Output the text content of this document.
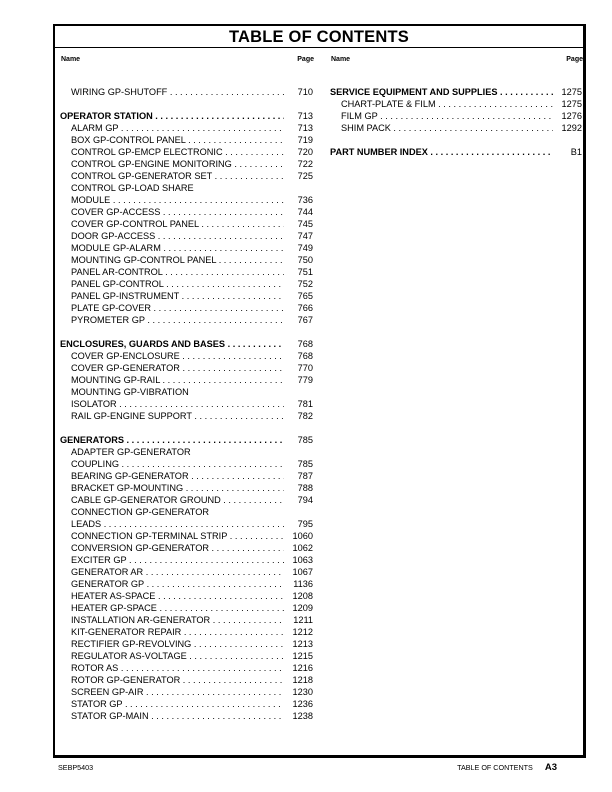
TABLE OF CONTENTS
Name	Page
WIRING GP-SHUTOFF . . .	710
OPERATOR STATION . . .	713
ALARM GP . . .	713
BOX GP-CONTROL PANEL . . .	719
CONTROL GP-EMCP ELECTRONIC . . .	720
CONTROL GP-ENGINE MONITORING . . .	722
CONTROL GP-GENERATOR SET . . .	725
CONTROL GP-LOAD SHARE
MODULE . . .	736
COVER GP-ACCESS . . .	744
COVER GP-CONTROL PANEL . . .	745
DOOR GP-ACCESS . . .	747
MODULE GP-ALARM . . .	749
MOUNTING GP-CONTROL PANEL . . .	750
PANEL AR-CONTROL . . .	751
PANEL GP-CONTROL . . .	752
PANEL GP-INSTRUMENT . . .	765
PLATE GP-COVER . . .	766
PYROMETER GP . . .	767
ENCLOSURES, GUARDS AND BASES . . .	768
COVER GP-ENCLOSURE . . .	768
COVER GP-GENERATOR . . .	770
MOUNTING GP-RAIL . . .	779
MOUNTING GP-VIBRATION
ISOLATOR . . .	781
RAIL GP-ENGINE SUPPORT . . .	782
GENERATORS . . .	785
ADAPTER GP-GENERATOR
COUPLING . . .	785
BEARING GP-GENERATOR . . .	787
BRACKET GP-MOUNTING . . .	788
CABLE GP-GENERATOR GROUND . . .	794
CONNECTION GP-GENERATOR
LEADS . . .	795
CONNECTION GP-TERMINAL STRIP . . .	1060
CONVERSION GP-GENERATOR . . .	1062
EXCITER GP . . .	1063
GENERATOR AR . . .	1067
GENERATOR GP . . .	1136
HEATER AS-SPACE . . .	1208
HEATER GP-SPACE . . .	1209
INSTALLATION AR-GENERATOR . . .	1211
KIT-GENERATOR REPAIR . . .	1212
RECTIFIER GP-REVOLVING . . .	1213
REGULATOR AS-VOLTAGE . . .	1215
ROTOR AS . . .	1216
ROTOR GP-GENERATOR . . .	1218
SCREEN GP-AIR . . .	1230
STATOR GP . . .	1236
STATOR GP-MAIN . . .	1238
Name	Page
SERVICE EQUIPMENT AND SUPPLIES . . .	1275
CHART-PLATE & FILM . . .	1275
FILM GP . . .	1276
SHIM PACK . . .	1292
PART NUMBER INDEX . . .	B1
SEBP5403	TABLE OF CONTENTS A3
